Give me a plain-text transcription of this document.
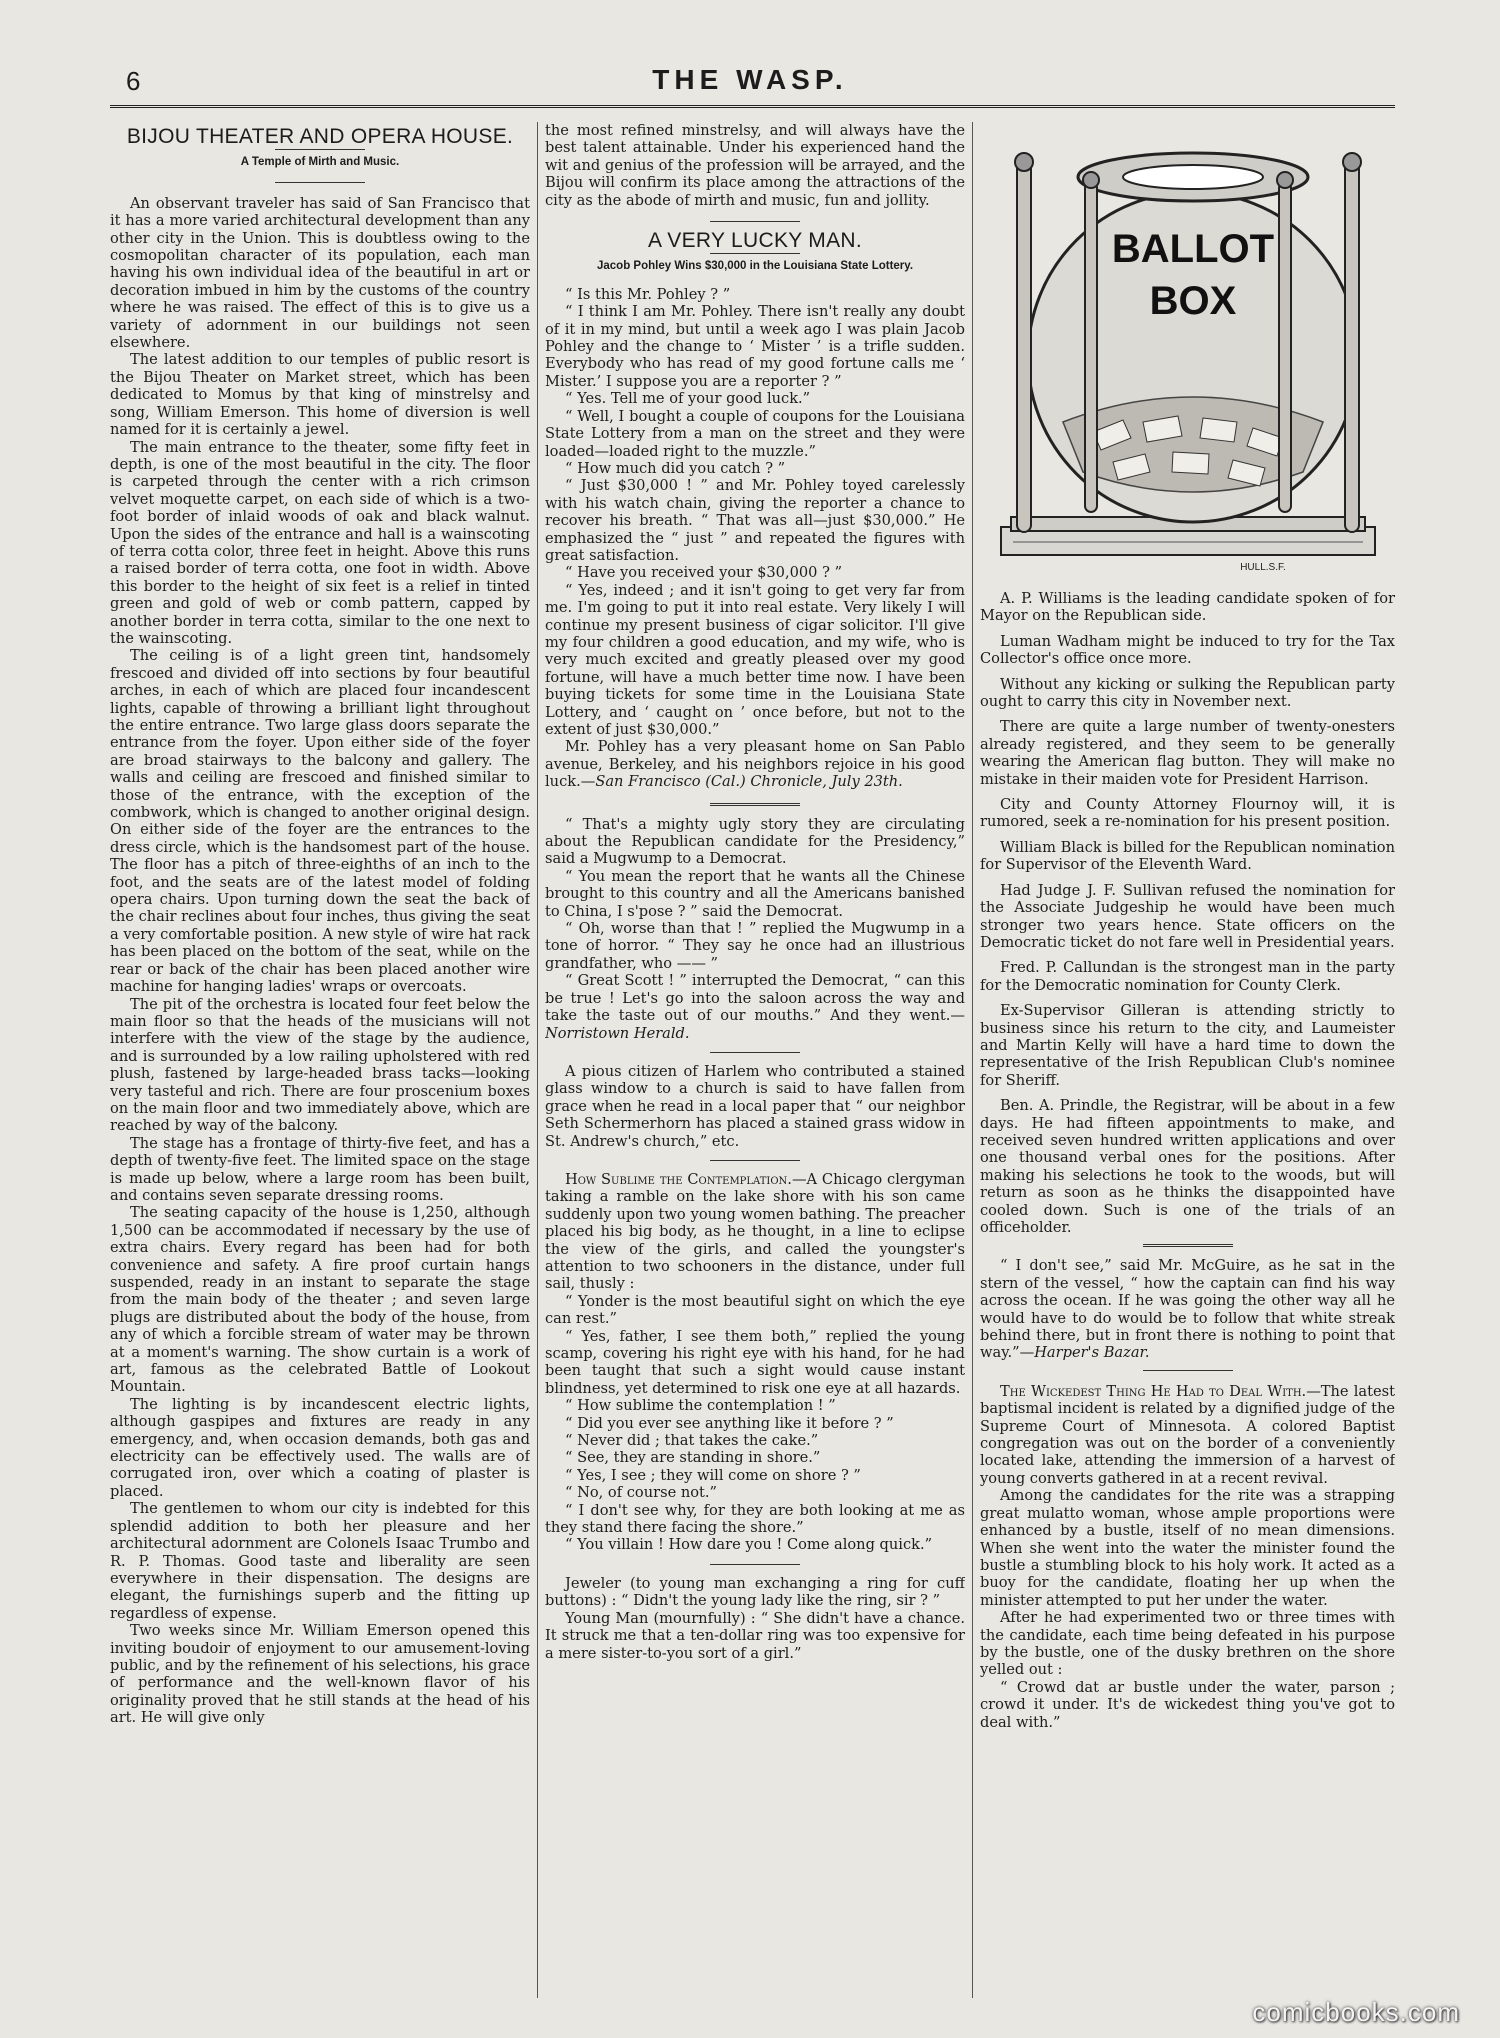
6	THE WASP.
BIJOU THEATER AND OPERA HOUSE.
A Temple of Mirth and Music.

An observant traveler has said of San Francisco that it has a more varied architectural development than any other city in the Union. This is doubtless owing to the cosmopolitan character of its population, each man having his own individual idea of the beautiful in art or decoration imbued in him by the customs of the country where he was raised. The effect of this is to give us a variety of adornment in our buildings not seen elsewhere.

The latest addition to our temples of public resort is the Bijou Theater on Market street, which has been dedicated to Momus by that king of minstrelsy and song, William Emerson. This home of diversion is well named for it is certainly a jewel.

The main entrance to the theater, some fifty feet in depth, is one of the most beautiful in the city. The floor is carpeted through the center with a rich crimson velvet moquette carpet, on each side of which is a two-foot border of inlaid woods of oak and black walnut. Upon the sides of the entrance and hall is a wainscoting of terra cotta color, three feet in height. Above this runs a raised border of terra cotta, one foot in width. Above this border to the height of six feet is a relief in tinted green and gold of web or comb pattern, capped by another border in terra cotta, similar to the one next to the wainscoting.

The ceiling is of a light green tint, handsomely frescoed and divided off into sections by four beautiful arches, in each of which are placed four incandescent lights, capable of throwing a brilliant light throughout the entire entrance. Two large glass doors separate the entrance from the foyer. Upon either side of the foyer are broad stairways to the balcony and gallery. The walls and ceiling are frescoed and finished similar to those of the entrance, with the exception of the combwork, which is changed to another original design. On either side of the foyer are the entrances to the dress circle, which is the handsomest part of the house. The floor has a pitch of three-eighths of an inch to the foot, and the seats are of the latest model of folding opera chairs. Upon turning down the seat the back of the chair reclines about four inches, thus giving the seat a very comfortable position. A new style of wire hat rack has been placed on the bottom of the seat, while on the rear or back of the chair has been placed another wire machine for hanging ladies' wraps or overcoats.

The pit of the orchestra is located four feet below the main floor so that the heads of the musicians will not interfere with the view of the stage by the audience, and is surrounded by a low railing upholstered with red plush, fastened by large-headed brass tacks—looking very tasteful and rich. There are four proscenium boxes on the main floor and two immediately above, which are reached by way of the balcony.

The stage has a frontage of thirty-five feet, and has a depth of twenty-five feet. The limited space on the stage is made up below, where a large room has been built, and contains seven separate dressing rooms.

The seating capacity of the house is 1,250, although 1,500 can be accommodated if necessary by the use of extra chairs. Every regard has been had for both convenience and safety. A fire proof curtain hangs suspended, ready in an instant to separate the stage from the main body of the theater ; and seven large plugs are distributed about the body of the house, from any of which a forcible stream of water may be thrown at a moment's warning. The show curtain is a work of art, famous as the celebrated Battle of Lookout Mountain.

The lighting is by incandescent electric lights, although gaspipes and fixtures are ready in any emergency, and, when occasion demands, both gas and electricity can be effectively used. The walls are of corrugated iron, over which a coating of plaster is placed.

The gentlemen to whom our city is indebted for this splendid addition to both her pleasure and her architectural adornment are Colonels Isaac Trumbo and R. P. Thomas. Good taste and liberality are seen everywhere in their dispensation. The designs are elegant, the furnishings superb and the fitting up regardless of expense.

Two weeks since Mr. William Emerson opened this inviting boudoir of enjoyment to our amusement-loving public, and by the refinement of his selections, his grace of performance and the well-known flavor of his originality proved that he still stands at the head of his art. He will give only

the most refined minstrelsy, and will always have the best talent attainable. Under his experienced hand the wit and genius of the profession will be arrayed, and the Bijou will confirm its place among the attractions of the city as the abode of mirth and music, fun and jollity.

A VERY LUCKY MAN.
Jacob Pohley Wins $30,000 in the Louisiana State Lottery.

“ Is this Mr. Pohley ? ”

“ I think I am Mr. Pohley. There isn't really any doubt of it in my mind, but until a week ago I was plain Jacob Pohley and the change to ‘ Mister ’ is a trifle sudden. Everybody who has read of my good fortune calls me ‘ Mister.’ I suppose you are a reporter ? ”

“ Yes. Tell me of your good luck.”

“ Well, I bought a couple of coupons for the Louisiana State Lottery from a man on the street and they were loaded—loaded right to the muzzle.”

“ How much did you catch ? ”

“ Just $30,000 ! ” and Mr. Pohley toyed carelessly with his watch chain, giving the reporter a chance to recover his breath. “ That was all—just $30,000.” He emphasized the “ just ” and repeated the figures with great satisfaction.

“ Have you received your $30,000 ? ”

“ Yes, indeed ; and it isn't going to get very far from me. I'm going to put it into real estate. Very likely I will continue my present business of cigar solicitor. I'll give my four children a good education, and my wife, who is very much excited and greatly pleased over my good fortune, will have a much better time now. I have been buying tickets for some time in the Louisiana State Lottery, and ‘ caught on ’ once before, but not to the extent of just $30,000.”

Mr. Pohley has a very pleasant home on San Pablo avenue, Berkeley, and his neighbors rejoice in his good luck.—San Francisco (Cal.) Chronicle, July 23th.

“ That's a mighty ugly story they are circulating about the Republican candidate for the Presidency,” said a Mugwump to a Democrat.

“ You mean the report that he wants all the Chinese brought to this country and all the Americans banished to China, I s'pose ? ” said the Democrat.

“ Oh, worse than that ! ” replied the Mugwump in a tone of horror. “ They say he once had an illustrious grandfather, who —— ”

“ Great Scott ! ” interrupted the Democrat, “ can this be true ! Let's go into the saloon across the way and take the taste out of our mouths.” And they went.—Norristown Herald.

A pious citizen of Harlem who contributed a stained glass window to a church is said to have fallen from grace when he read in a local paper that “ our neighbor Seth Schermerhorn has placed a stained grass widow in St. Andrew's church,” etc.

How Sublime the Contemplation.—A Chicago clergyman taking a ramble on the lake shore with his son came suddenly upon two young women bathing. The preacher placed his big body, as he thought, in a line to eclipse the view of the girls, and called the youngster's attention to two schooners in the distance, under full sail, thusly :

“ Yonder is the most beautiful sight on which the eye can rest.”

“ Yes, father, I see them both,” replied the young scamp, covering his right eye with his hand, for he had been taught that such a sight would cause instant blindness, yet determined to risk one eye at all hazards.

“ How sublime the contemplation ! ”

“ Did you ever see anything like it before ? ”

“ Never did ; that takes the cake.”

“ See, they are standing in shore.”

“ Yes, I see ; they will come on shore ? ”

“ No, of course not.”

“ I don't see why, for they are both looking at me as they stand there facing the shore.”

“ You villain ! How dare you ! Come along quick.”

Jeweler (to young man exchanging a ring for cuff buttons) : “ Didn't the young lady like the ring, sir ? ”

Young Man (mournfully) : “ She didn't have a chance. It struck me that a ten-dollar ring was too expensive for a mere sister-to-you sort of a girl.”

BALLOT
BOX
HULL.S.F.

A. P. Williams is the leading candidate spoken of for Mayor on the Republican side.

Luman Wadham might be induced to try for the Tax Collector's office once more.

Without any kicking or sulking the Republican party ought to carry this city in November next.

There are quite a large number of twenty-onesters already registered, and they seem to be generally wearing the American flag button. They will make no mistake in their maiden vote for President Harrison.

City and County Attorney Flournoy will, it is rumored, seek a re-nomination for his present position.

William Black is billed for the Republican nomination for Supervisor of the Eleventh Ward.

Had Judge J. F. Sullivan refused the nomination for the Associate Judgeship he would have been much stronger two years hence. State officers on the Democratic ticket do not fare well in Presidential years.

Fred. P. Callundan is the strongest man in the party for the Democratic nomination for County Clerk.

Ex-Supervisor Gilleran is attending strictly to business since his return to the city, and Laumeister and Martin Kelly will have a hard time to down the representative of the Irish Republican Club's nominee for Sheriff.

Ben. A. Prindle, the Registrar, will be about in a few days. He had fifteen appointments to make, and received seven hundred written applications and over one thousand verbal ones for the positions. After making his selections he took to the woods, but will return as soon as he thinks the disappointed have cooled down. Such is one of the trials of an officeholder.

“ I don't see,” said Mr. McGuire, as he sat in the stern of the vessel, “ how the captain can find his way across the ocean. If he was going the other way all he would have to do would be to follow that white streak behind there, but in front there is nothing to point that way.”—Harper's Bazar.

The Wickedest Thing He Had to Deal With.—The latest baptismal incident is related by a dignified judge of the Supreme Court of Minnesota. A colored Baptist congregation was out on the border of a conveniently located lake, attending the immersion of a harvest of young converts gathered in at a recent revival.

Among the candidates for the rite was a strapping great mulatto woman, whose ample proportions were enhanced by a bustle, itself of no mean dimensions. When she went into the water the minister found the bustle a stumbling block to his holy work. It acted as a buoy for the candidate, floating her up when the minister attempted to put her under the water.

After he had experimented two or three times with the candidate, each time being defeated in his purpose by the bustle, one of the dusky brethren on the shore yelled out :

“ Crowd dat ar bustle under the water, parson ; crowd it under. It's de wickedest thing you've got to deal with.”

comicbooks.com
